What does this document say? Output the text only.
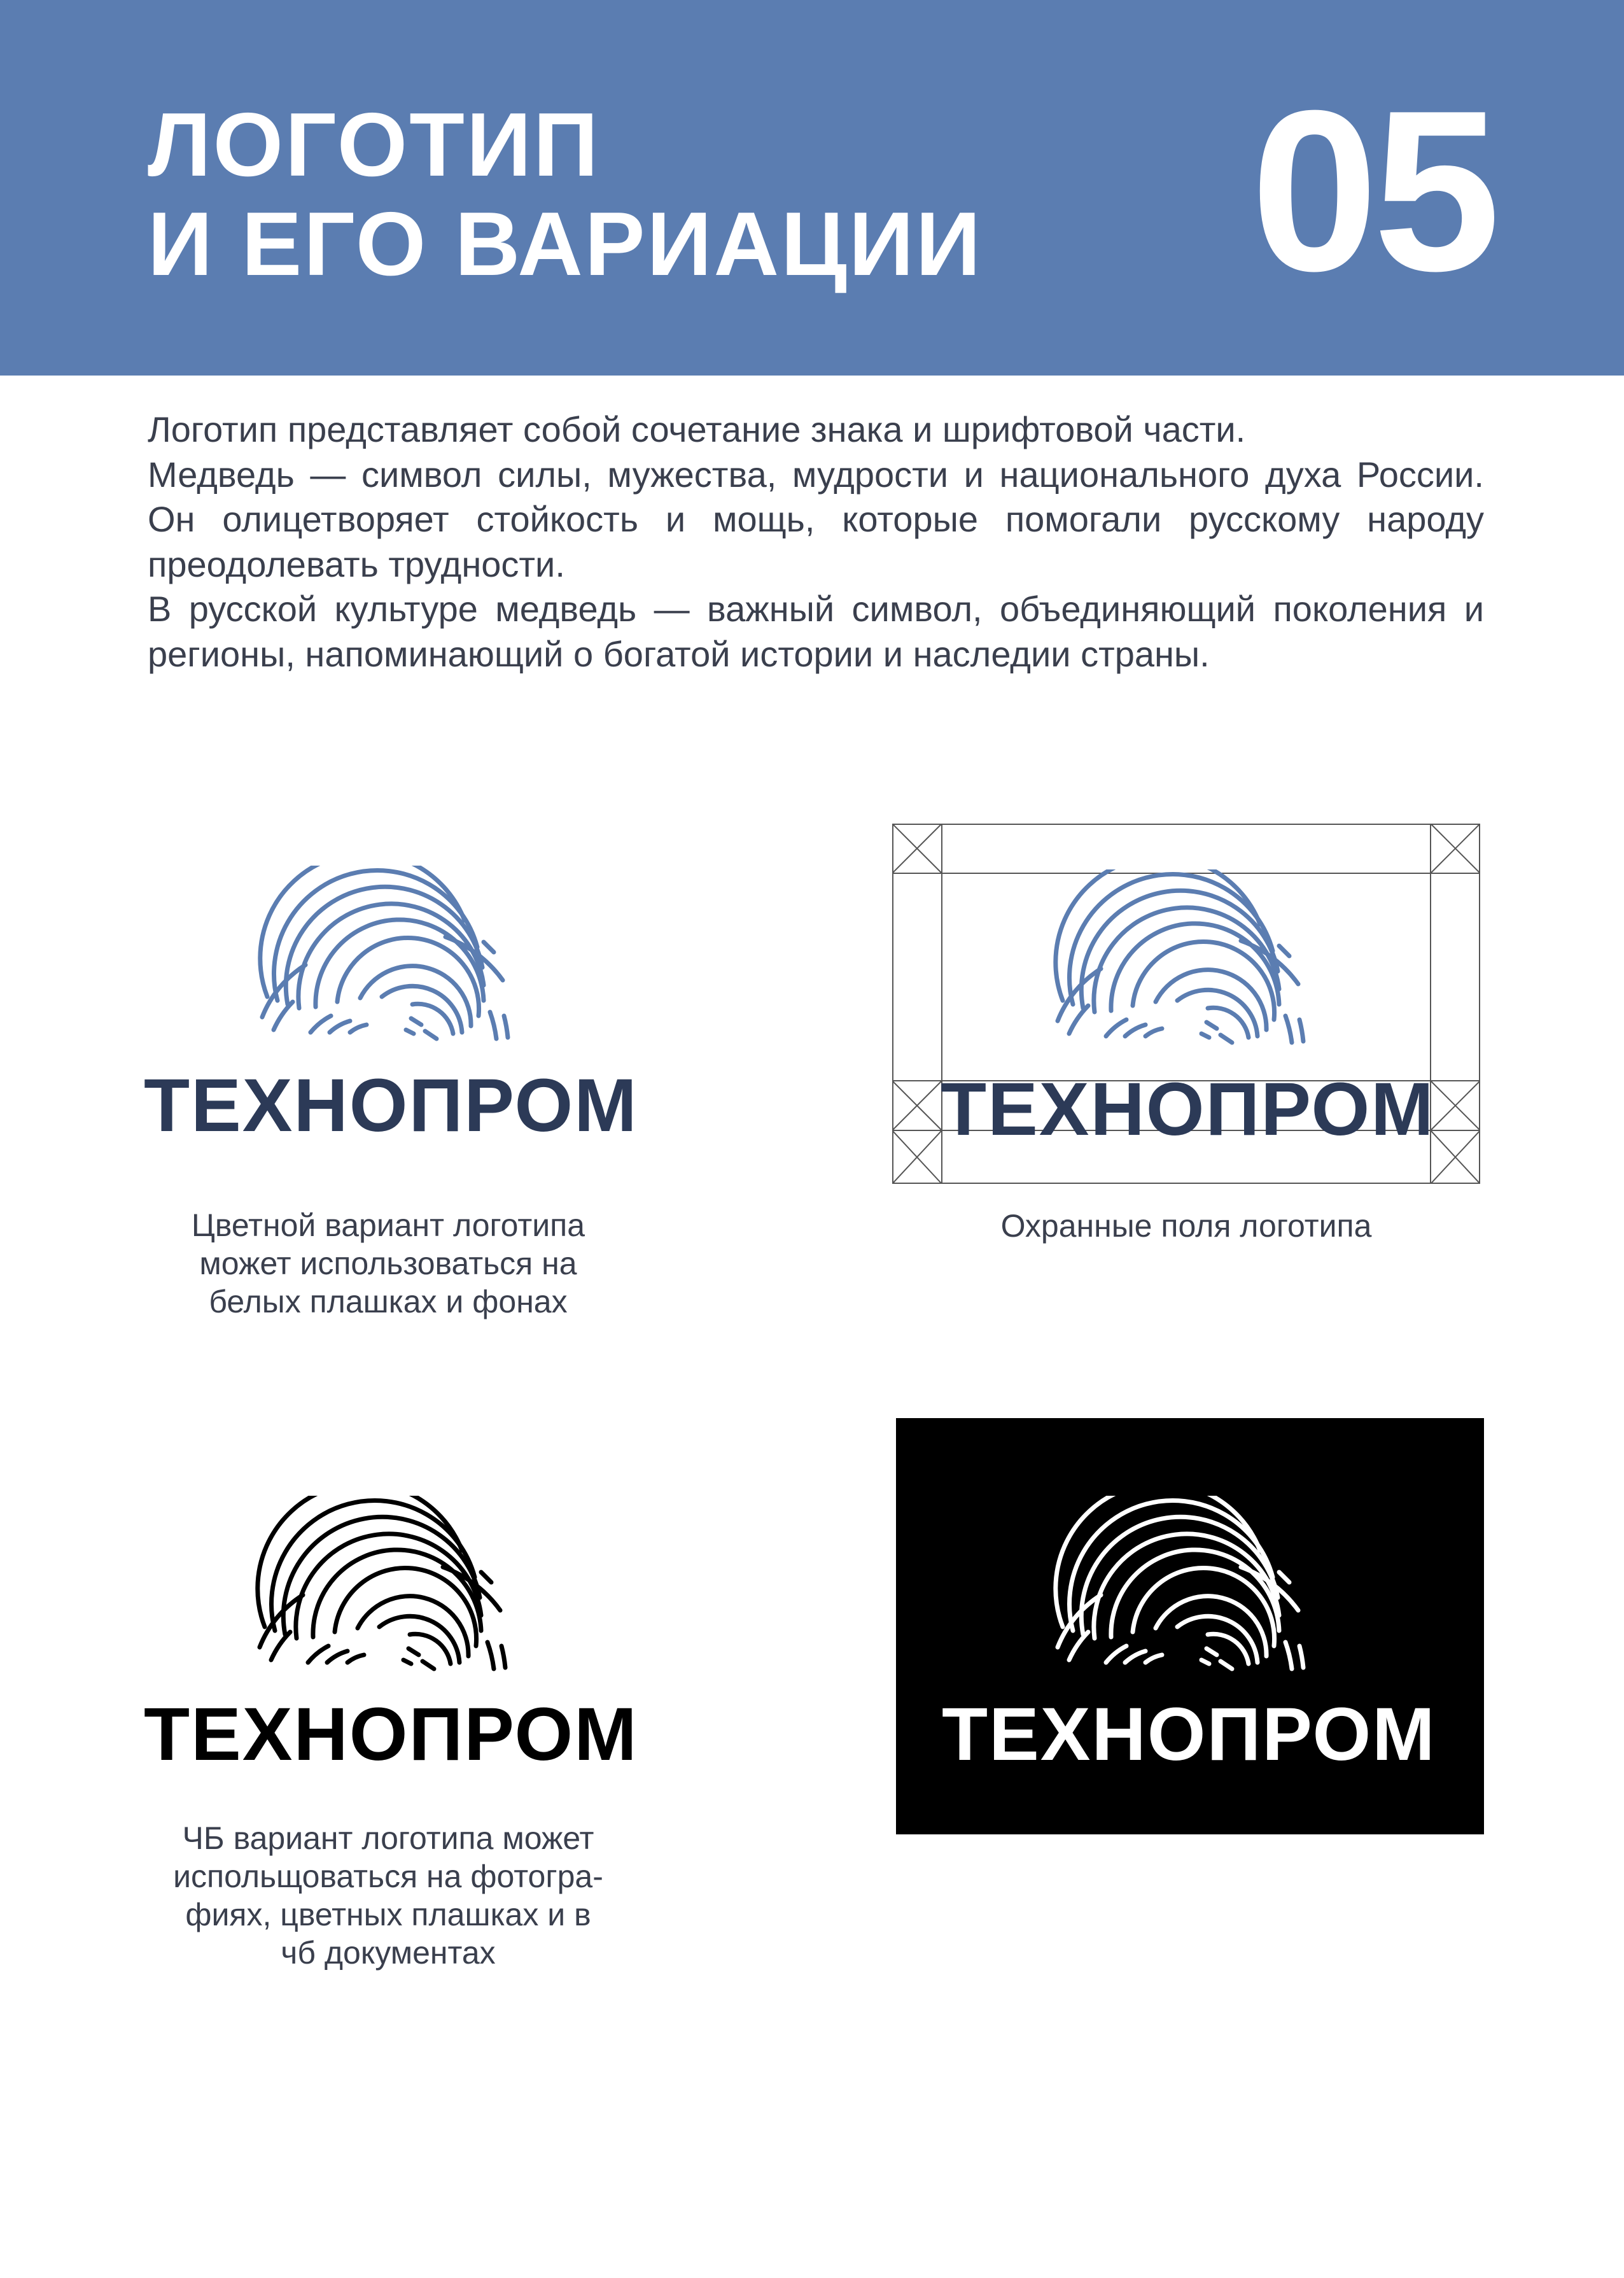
ЛОГОТИП
И ЕГО ВАРИАЦИИ 05

Логотип представляет собой сочетание знака и шрифтовой части.

Медведь — символ силы, мужества, мудрости и национального духа России. Он олицетворяет стойкость и мощь, которые помогали русскому народу преодолевать трудности.

В русской культуре медведь — важный символ, объединяющий поколения и регионы, напоминающий о богатой истории и наследии страны.

ТЕХНОПРОМ
Цветной вариант логотипа
может использоваться на
белых плашках и фонах
ТЕХНОПРОМ
Охранные поля логотипа
ТЕХНОПРОМ
ЧБ вариант логотипа может
испольщоваться на фотогра-
фиях, цветных плашках и в
чб документах
ТЕХНОПРОМ
